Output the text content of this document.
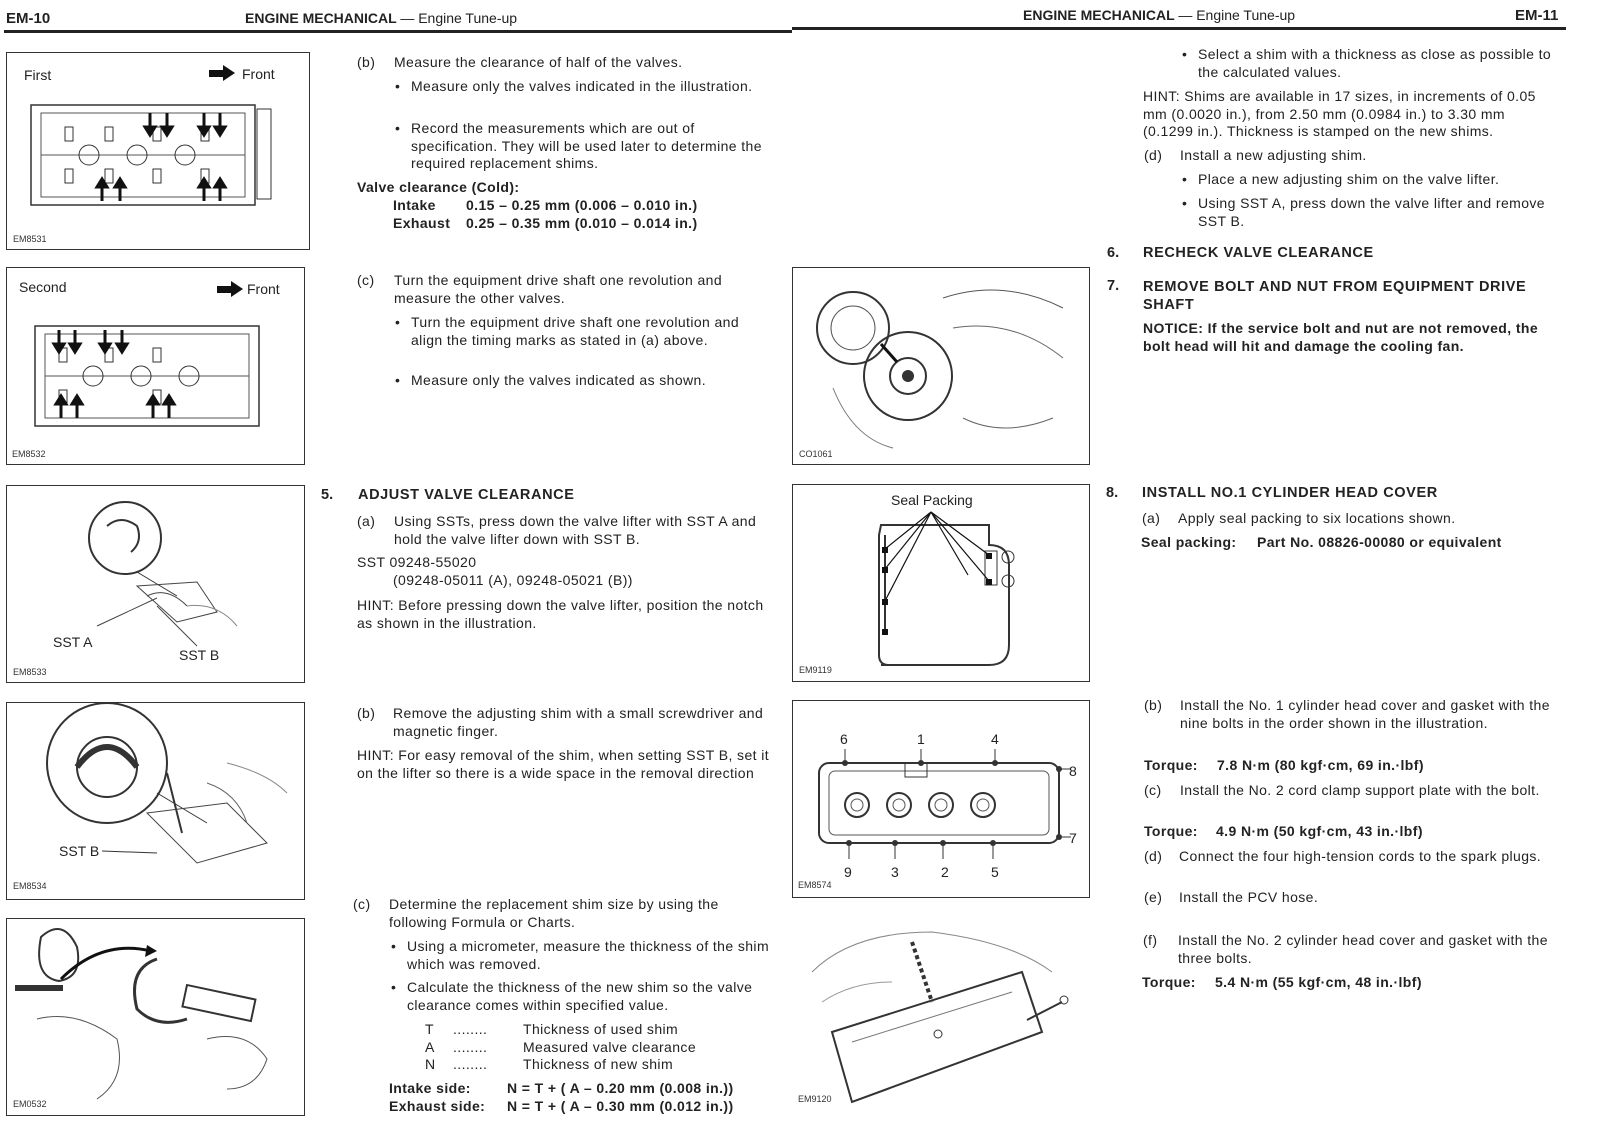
EM-10	ENGINE MECHANICAL — Engine Tune-up
First	Front
EM8531
Second	Front
EM8532
SST A
SST B
EM8533
SST B
EM8534
EM0532
(b) Measure the clearance of half of the valves.
• Measure only the valves indicated in the illustration.
• Record the measurements which are out of specification. They will be used later to determine the required replacement shims.
Valve clearance (Cold):
Intake 0.15 – 0.25 mm (0.006 – 0.010 in.)
Exhaust 0.25 – 0.35 mm (0.010 – 0.014 in.)
(c) Turn the equipment drive shaft one revolution and measure the other valves.
• Turn the equipment drive shaft one revolution and align the timing marks as stated in (a) above.
• Measure only the valves indicated as shown.
5. ADJUST VALVE CLEARANCE
(a) Using SSTs, press down the valve lifter with SST A and hold the valve lifter down with SST B.
SST 09248-55020
(09248-05011 (A), 09248-05021 (B))
HINT: Before pressing down the valve lifter, position the notch as shown in the illustration.
(b) Remove the adjusting shim with a small screwdriver and magnetic finger.
HINT: For easy removal of the shim, when setting SST B, set it on the lifter so there is a wide space in the removal direction
(c) Determine the replacement shim size by using the following Formula or Charts.
• Using a micrometer, measure the thickness of the shim which was removed.
• Calculate the thickness of the new shim so the valve clearance comes within specified value.
T	........	Thickness of used shim
A	........	Measured valve clearance
N	........	Thickness of new shim
Intake side:	N = T + ( A – 0.20 mm (0.008 in.))
Exhaust side: N = T + ( A – 0.30 mm (0.012 in.))
ENGINE MECHANICAL — Engine Tune-up	EM-11
CO1061
Seal Packing
EM9119
6	1	4
9	3	2	5
8
7
EM8574
EM9120
• Select a shim with a thickness as close as possible to the calculated values.
HINT: Shims are available in 17 sizes, in increments of 0.05 mm (0.0020 in.), from 2.50 mm (0.0984 in.) to 3.30 mm (0.1299 in.). Thickness is stamped on the new shims.
(d) Install a new adjusting shim.
• Place a new adjusting shim on the valve lifter.
• Using SST A, press down the valve lifter and remove SST B.
6. RECHECK VALVE CLEARANCE
7. REMOVE BOLT AND NUT FROM EQUIPMENT DRIVE SHAFT
NOTICE: If the service bolt and nut are not removed, the bolt head will hit and damage the cooling fan.
8. INSTALL NO.1 CYLINDER HEAD COVER
(a) Apply seal packing to six locations shown.
Seal packing: Part No. 08826-00080 or equivalent
(b) Install the No. 1 cylinder head cover and gasket with the nine bolts in the order shown in the illustration.
Torque: 7.8 N·m (80 kgf·cm, 69 in.·lbf)
(c) Install the No. 2 cord clamp support plate with the bolt.
Torque: 4.9 N·m (50 kgf·cm, 43 in.·lbf)
(d) Connect the four high-tension cords to the spark plugs.
(e) Install the PCV hose.
(f) Install the No. 2 cylinder head cover and gasket with the three bolts.
Torque: 5.4 N·m (55 kgf·cm, 48 in.·lbf)
